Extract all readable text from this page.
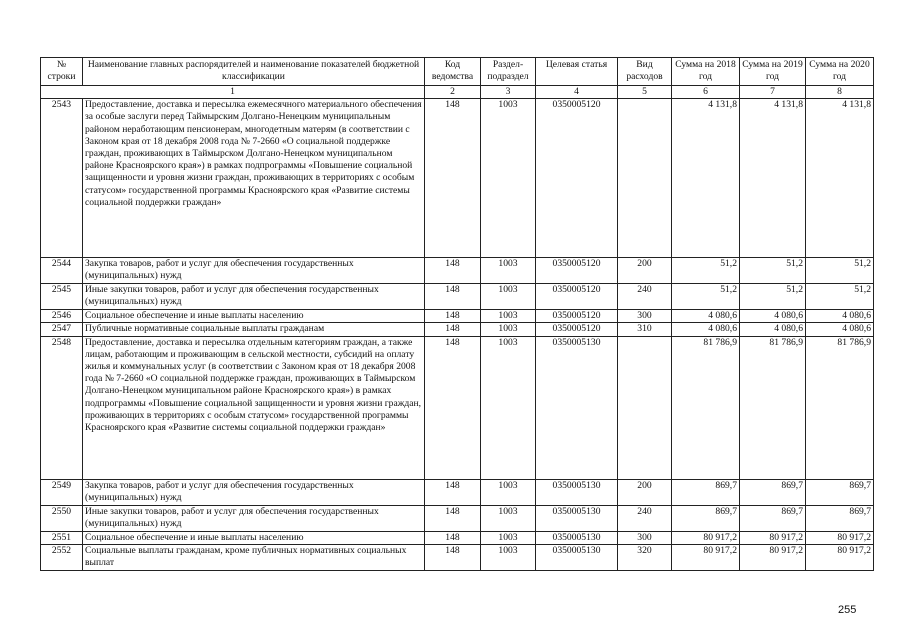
№ строки	Наименование главных распорядителей и наименование показателей бюджетной классификации	Код ведомства	Раздел-подраздел	Целевая статья	Вид расходов	Сумма на 2018 год	Сумма на 2019 год	Сумма на 2020 год
1		2	3	4	5	6	7	8
2543	Предоставление, доставка и пересылка ежемесячного материального обеспечения за особые заслуги перед Таймырским Долгано-Ненецким муниципальным районом неработающим пенсионерам, многодетным матерям (в соответствии с Законом края от 18 декабря 2008 года № 7-2660 «О социальной поддержке граждан, проживающих в Таймырском Долгано-Ненецком муниципальном районе Красноярского края») в рамках подпрограммы «Повышение социальной защищенности и уровня жизни граждан, проживающих в территориях с особым статусом» государственной программы Красноярского края «Развитие системы социальной поддержки граждан»	148	1003	0350005120		4 131,8	4 131,8	4 131,8
2544	Закупка товаров, работ и услуг для обеспечения государственных (муниципальных) нужд	148	1003	0350005120	200	51,2	51,2	51,2
2545	Иные закупки товаров, работ и услуг для обеспечения государственных (муниципальных) нужд	148	1003	0350005120	240	51,2	51,2	51,2
2546	Социальное обеспечение и иные выплаты населению	148	1003	0350005120	300	4 080,6	4 080,6	4 080,6
2547	Публичные нормативные социальные выплаты гражданам	148	1003	0350005120	310	4 080,6	4 080,6	4 080,6
2548	Предоставление, доставка и пересылка отдельным категориям граждан, а также лицам, работающим и проживающим в сельской местности, субсидий на оплату жилья и коммунальных услуг (в соответствии с Законом края от 18 декабря 2008 года № 7-2660 «О социальной поддержке граждан, проживающих в Таймырском Долгано-Ненецком муниципальном районе Красноярского края») в рамках подпрограммы «Повышение социальной защищенности и уровня жизни граждан, проживающих в территориях с особым статусом» государственной программы Красноярского края «Развитие системы социальной поддержки граждан»	148	1003	0350005130		81 786,9	81 786,9	81 786,9
2549	Закупка товаров, работ и услуг для обеспечения государственных (муниципальных) нужд	148	1003	0350005130	200	869,7	869,7	869,7
2550	Иные закупки товаров, работ и услуг для обеспечения государственных (муниципальных) нужд	148	1003	0350005130	240	869,7	869,7	869,7
2551	Социальное обеспечение и иные выплаты населению	148	1003	0350005130	300	80 917,2	80 917,2	80 917,2
2552	Социальные выплаты гражданам, кроме публичных нормативных социальных выплат	148	1003	0350005130	320	80 917,2	80 917,2	80 917,2
255
